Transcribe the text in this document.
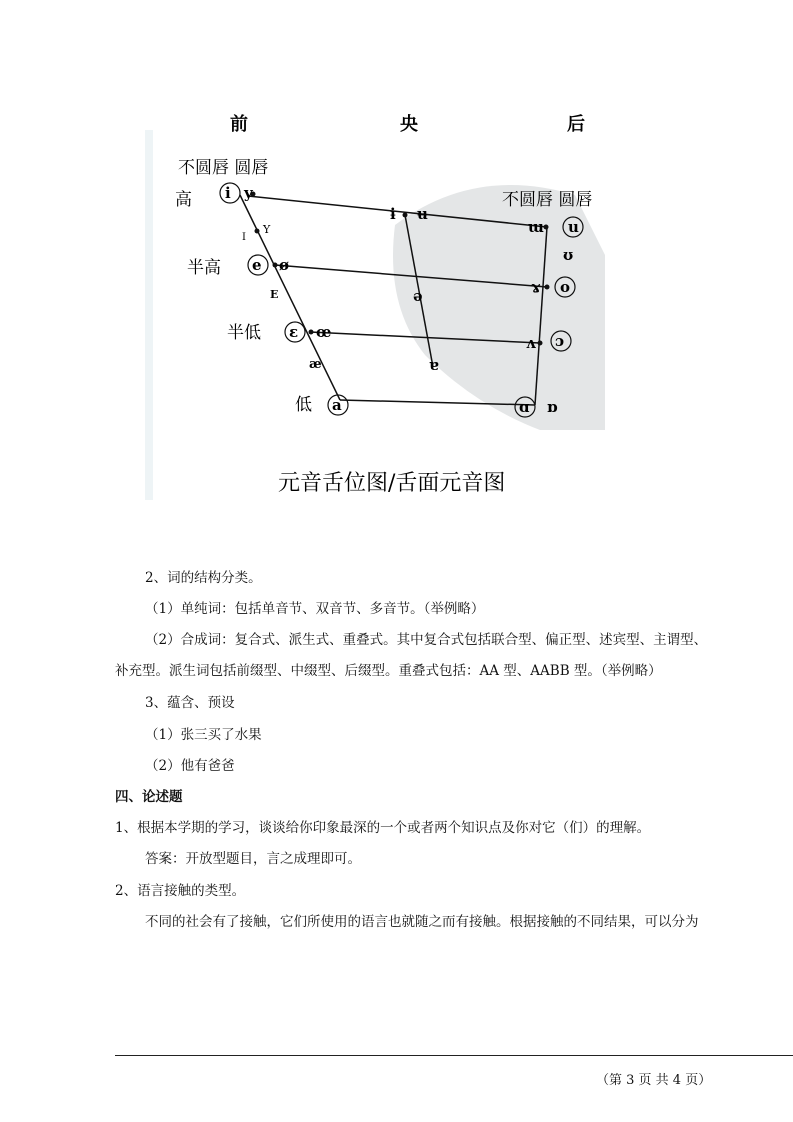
前	央	后
不圆唇 圆唇
不圆唇 圆唇
高
半高
半低
低
i y
I
Y
e ø
E
ε œ
æ
a
ɨ ʉ
ə
ɐ
ɯ u
ʊ
ɤ o
ʌ ɔ
ɑ ɒ
元音舌位图/舌面元音图
2、词的结构分类。
（1）单纯词：包括单音节、双音节、多音节。（举例略）
（2）合成词：复合式、派生式、重叠式。其中复合式包括联合型、偏正型、述宾型、主谓型、
补充型。派生词包括前缀型、中缀型、后缀型。重叠式包括：AA 型、AABB 型。（举例略）
3、蕴含、预设
（1）张三买了水果
（2）他有爸爸
四、论述题
1、根据本学期的学习，谈谈给你印象最深的一个或者两个知识点及你对它（们）的理解。
答案：开放型题目，言之成理即可。
2、语言接触的类型。
不同的社会有了接触，它们所使用的语言也就随之而有接触。根据接触的不同结果，可以分为
（第 3 页 共 4 页）
